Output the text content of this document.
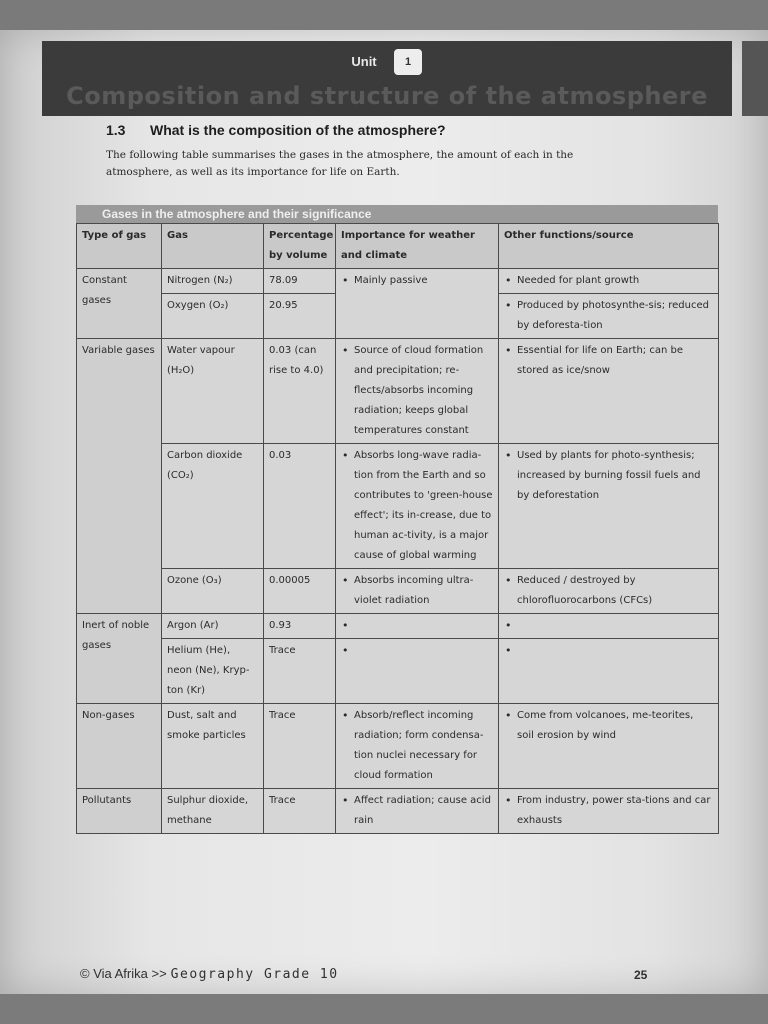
Unit	1
Composition and structure of the atmosphere
1.3 What is the composition of the atmosphere?
The following table summarises the gases in the atmosphere, the amount of each in the atmosphere, as well as its importance for life on Earth.
Gases in the atmosphere and their significance
Type of gas	Gas	Percentage by volume	Importance for weather and climate	Other functions/source
Constant gases	Nitrogen (N₂)	78.09	• Mainly passive	• Needed for plant growth
	Oxygen (O₂)	20.95		• Produced by photosynthe-sis; reduced by deforesta-tion
Variable gases	Water vapour (H₂O)	0.03 (can rise to 4.0)	• Source of cloud formation and precipitation; re-flects/absorbs incoming radiation; keeps global temperatures constant	• Essential for life on Earth; can be stored as ice/snow
	Carbon dioxide (CO₂)	0.03	• Absorbs long-wave radia-tion from the Earth and so contributes to 'green-house effect'; its in-crease, due to human ac-tivity, is a major cause of global warming	• Used by plants for photo-synthesis; increased by burning fossil fuels and by deforestation
	Ozone (O₃)	0.00005	• Absorbs incoming ultra-violet radiation	• Reduced / destroyed by chlorofluorocarbons (CFCs)
Inert of noble gases	Argon (Ar)	0.93	•	•
	Helium (He), neon (Ne), Kryp-ton (Kr)	Trace	•	•
Non-gases	Dust, salt and smoke particles	Trace	• Absorb/reflect incoming radiation; form condensa-tion nuclei necessary for cloud formation	• Come from volcanoes, me-teorites, soil erosion by wind
Pollutants	Sulphur dioxide, methane	Trace	• Affect radiation; cause acid rain	• From industry, power sta-tions and car exhausts
© Via Afrika >> Geography Grade 10	25
